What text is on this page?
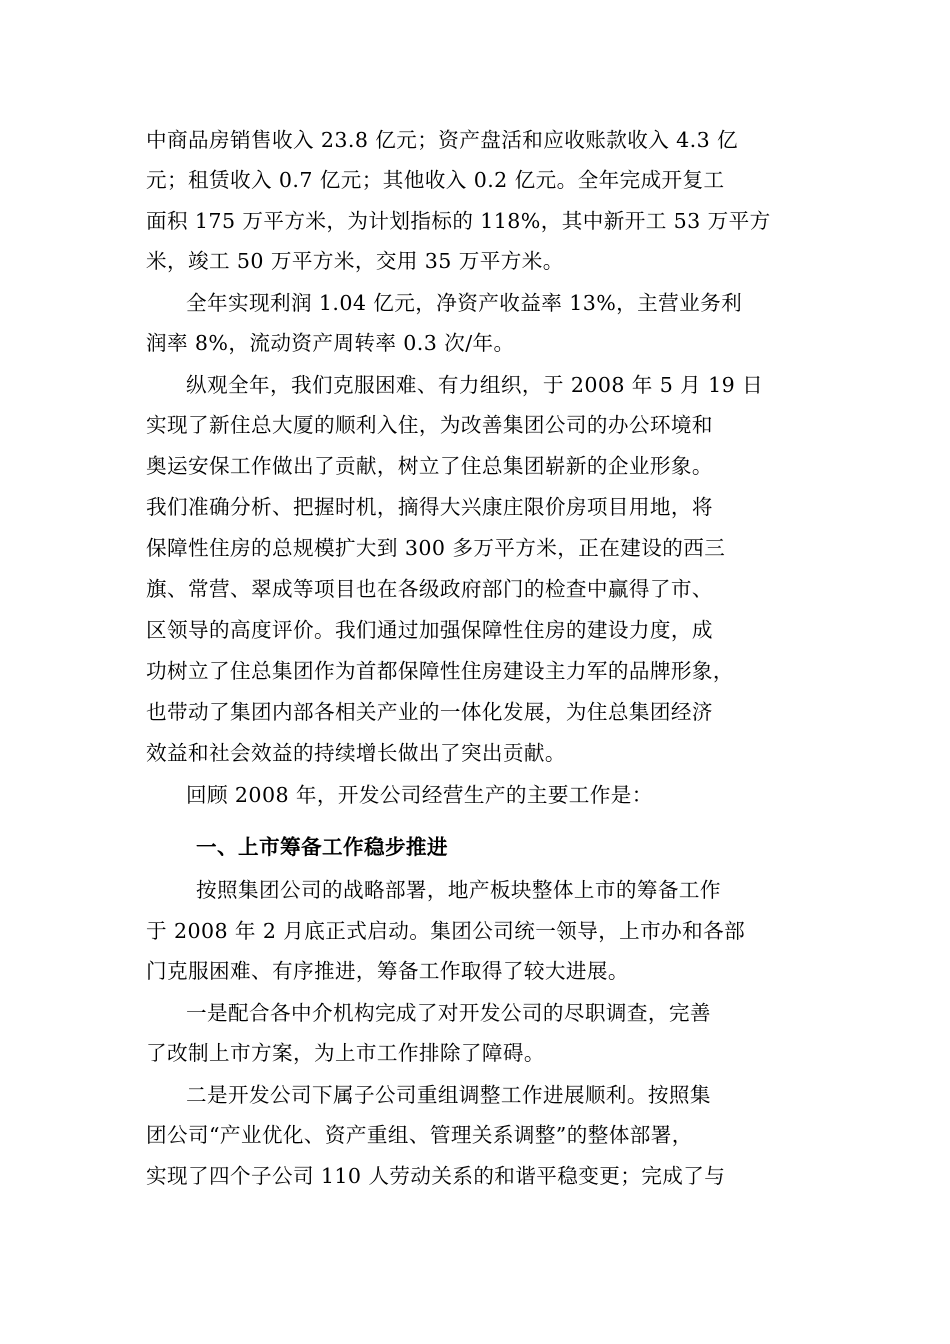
中商品房销售收入 23.8 亿元；资产盘活和应收账款收入 4.3 亿
元；租赁收入 0.7 亿元；其他收入 0.2 亿元。全年完成开复工
面积 175 万平方米，为计划指标的 118%，其中新开工 53 万平方
米，竣工 50 万平方米，交用 35 万平方米。
全年实现利润 1.04 亿元，净资产收益率 13%，主营业务利
润率 8%，流动资产周转率 0.3 次/年。
纵观全年，我们克服困难、有力组织，于 2008 年 5 月 19 日
实现了新住总大厦的顺利入住，为改善集团公司的办公环境和
奥运安保工作做出了贡献，树立了住总集团崭新的企业形象。
我们准确分析、把握时机，摘得大兴康庄限价房项目用地，将
保障性住房的总规模扩大到 300 多万平方米，正在建设的西三
旗、常营、翠成等项目也在各级政府部门的检查中赢得了市、
区领导的高度评价。我们通过加强保障性住房的建设力度，成
功树立了住总集团作为首都保障性住房建设主力军的品牌形象，
也带动了集团内部各相关产业的一体化发展，为住总集团经济
效益和社会效益的持续增长做出了突出贡献。
回顾 2008 年，开发公司经营生产的主要工作是：
一、上市筹备工作稳步推进
按照集团公司的战略部署，地产板块整体上市的筹备工作
于 2008 年 2 月底正式启动。集团公司统一领导，上市办和各部
门克服困难、有序推进，筹备工作取得了较大进展。
一是配合各中介机构完成了对开发公司的尽职调查，完善
了改制上市方案，为上市工作排除了障碍。
二是开发公司下属子公司重组调整工作进展顺利。按照集
团公司“产业优化、资产重组、管理关系调整”的整体部署，
实现了四个子公司 110 人劳动关系的和谐平稳变更；完成了与
